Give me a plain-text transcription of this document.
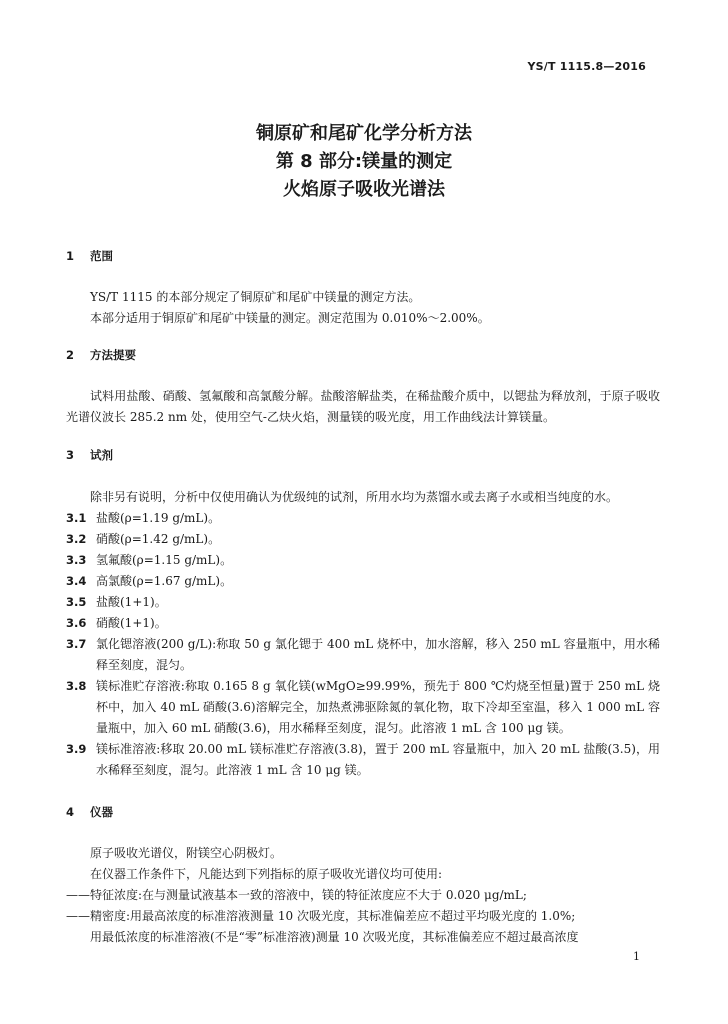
YS/T 1115.8—2016
铜原矿和尾矿化学分析方法
第 8 部分:镁量的测定
火焰原子吸收光谱法
1 范围

YS/T 1115 的本部分规定了铜原矿和尾矿中镁量的测定方法。

本部分适用于铜原矿和尾矿中镁量的测定。测定范围为 0.010%～2.00%。

2 方法提要

试料用盐酸、硝酸、氢氟酸和高氯酸分解。盐酸溶解盐类，在稀盐酸介质中，以锶盐为释放剂，于原子吸收光谱仪波长 285.2 nm 处，使用空气-乙炔火焰，测量镁的吸光度，用工作曲线法计算镁量。

3 试剂

除非另有说明，分析中仅使用确认为优级纯的试剂，所用水均为蒸馏水或去离子水或相当纯度的水。

3.1 盐酸(ρ=1.19 g/mL)。
3.2 硝酸(ρ=1.42 g/mL)。
3.3 氢氟酸(ρ=1.15 g/mL)。
3.4 高氯酸(ρ=1.67 g/mL)。
3.5 盐酸(1+1)。
3.6 硝酸(1+1)。
3.7 氯化锶溶液(200 g/L):称取 50 g 氯化锶于 400 mL 烧杯中，加水溶解，移入 250 mL 容量瓶中，用水稀释至刻度，混匀。
3.8 镁标准贮存溶液:称取 0.165 8 g 氧化镁(wMgO≥99.99%，预先于 800 ℃灼烧至恒量)置于 250 mL 烧杯中，加入 40 mL 硝酸(3.6)溶解完全，加热煮沸驱除氮的氧化物，取下冷却至室温，移入 1 000 mL 容量瓶中，加入 60 mL 硝酸(3.6)，用水稀释至刻度，混匀。此溶液 1 mL 含 100 μg 镁。
3.9 镁标准溶液:移取 20.00 mL 镁标准贮存溶液(3.8)，置于 200 mL 容量瓶中，加入 20 mL 盐酸(3.5)，用水稀释至刻度，混匀。此溶液 1 mL 含 10 μg 镁。
4 仪器

原子吸收光谱仪，附镁空心阴极灯。

在仪器工作条件下，凡能达到下列指标的原子吸收光谱仪均可使用:

——特征浓度:在与测量试液基本一致的溶液中，镁的特征浓度应不大于 0.020 μg/mL;

——精密度:用最高浓度的标准溶液测量 10 次吸光度，其标准偏差应不超过平均吸光度的 1.0%;

用最低浓度的标准溶液(不是“零”标准溶液)测量 10 次吸光度，其标准偏差应不超过最高浓度

1
